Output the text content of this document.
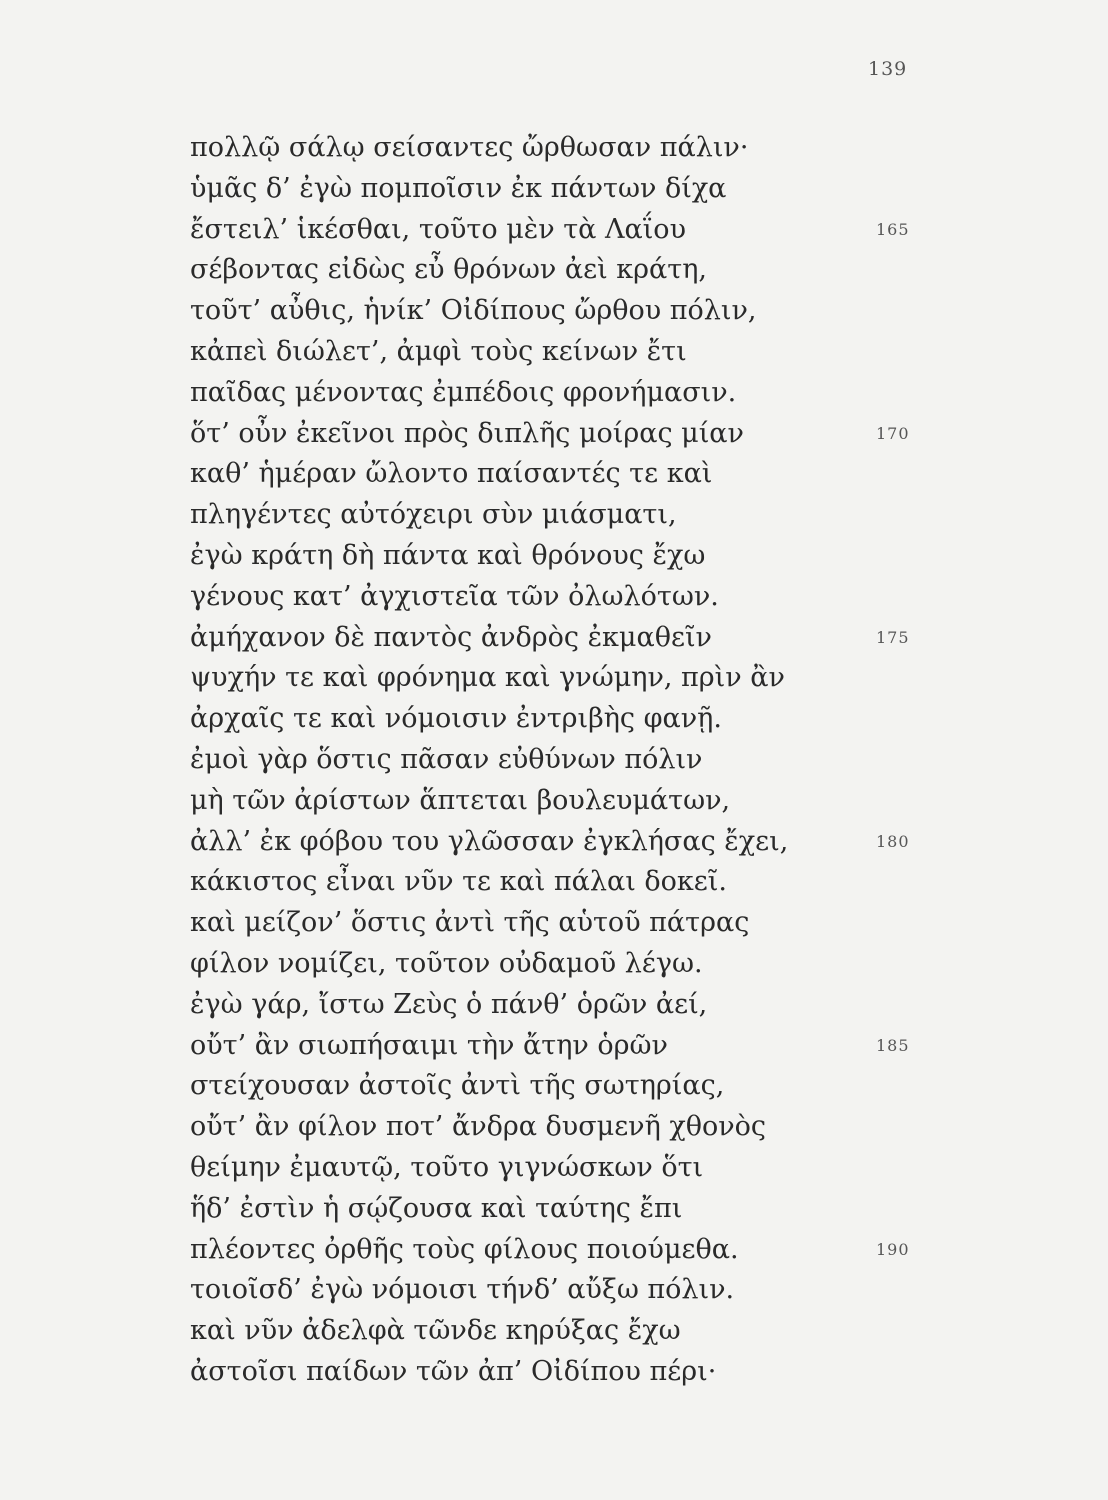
139
πολλῷ σάλῳ σείσαντες ὤρθωσαν πάλιν·
ὑμᾶς δ’ ἐγὼ πομποῖσιν ἐκ πάντων δίχα
ἔστειλ’ ἱκέσθαι, τοῦτο μὲν τὰ Λαΐου	165
σέβοντας εἰδὼς εὖ θρόνων ἀεὶ κράτη,
τοῦτ’ αὖθις, ἡνίκ’ Οἰδίπους ὤρθου πόλιν,
κἀπεὶ διώλετ’, ἀμφὶ τοὺς κείνων ἔτι
παῖδας μένοντας ἐμπέδοις φρονήμασιν.
ὅτ’ οὖν ἐκεῖνοι πρὸς διπλῆς μοίρας μίαν	170
καθ’ ἡμέραν ὤλοντο παίσαντές τε καὶ
πληγέντες αὐτόχειρι σὺν μιάσματι,
ἐγὼ κράτη δὴ πάντα καὶ θρόνους ἔχω
γένους κατ’ ἀγχιστεῖα τῶν ὀλωλότων.
ἀμήχανον δὲ παντὸς ἀνδρὸς ἐκμαθεῖν	175
ψυχήν τε καὶ φρόνημα καὶ γνώμην, πρὶν ἂν
ἀρχαῖς τε καὶ νόμοισιν ἐντριβὴς φανῇ.
ἐμοὶ γὰρ ὅστις πᾶσαν εὐθύνων πόλιν
μὴ τῶν ἀρίστων ἅπτεται βουλευμάτων,
ἀλλ’ ἐκ φόβου του γλῶσσαν ἐγκλήσας ἔχει,	180
κάκιστος εἶναι νῦν τε καὶ πάλαι δοκεῖ.
καὶ μείζον’ ὅστις ἀντὶ τῆς αὑτοῦ πάτρας
φίλον νομίζει, τοῦτον οὐδαμοῦ λέγω.
ἐγὼ γάρ, ἴστω Ζεὺς ὁ πάνθ’ ὁρῶν ἀεί,
οὔτ’ ἂν σιωπήσαιμι τὴν ἄτην ὁρῶν	185
στείχουσαν ἀστοῖς ἀντὶ τῆς σωτηρίας,
οὔτ’ ἂν φίλον ποτ’ ἄνδρα δυσμενῆ χθονὸς
θείμην ἐμαυτῷ, τοῦτο γιγνώσκων ὅτι
ἥδ’ ἐστὶν ἡ σῴζουσα καὶ ταύτης ἔπι
πλέοντες ὀρθῆς τοὺς φίλους ποιούμεθα.	190
τοιοῖσδ’ ἐγὼ νόμοισι τήνδ’ αὔξω πόλιν.
καὶ νῦν ἀδελφὰ τῶνδε κηρύξας ἔχω
ἀστοῖσι παίδων τῶν ἀπ’ Οἰδίπου πέρι·
